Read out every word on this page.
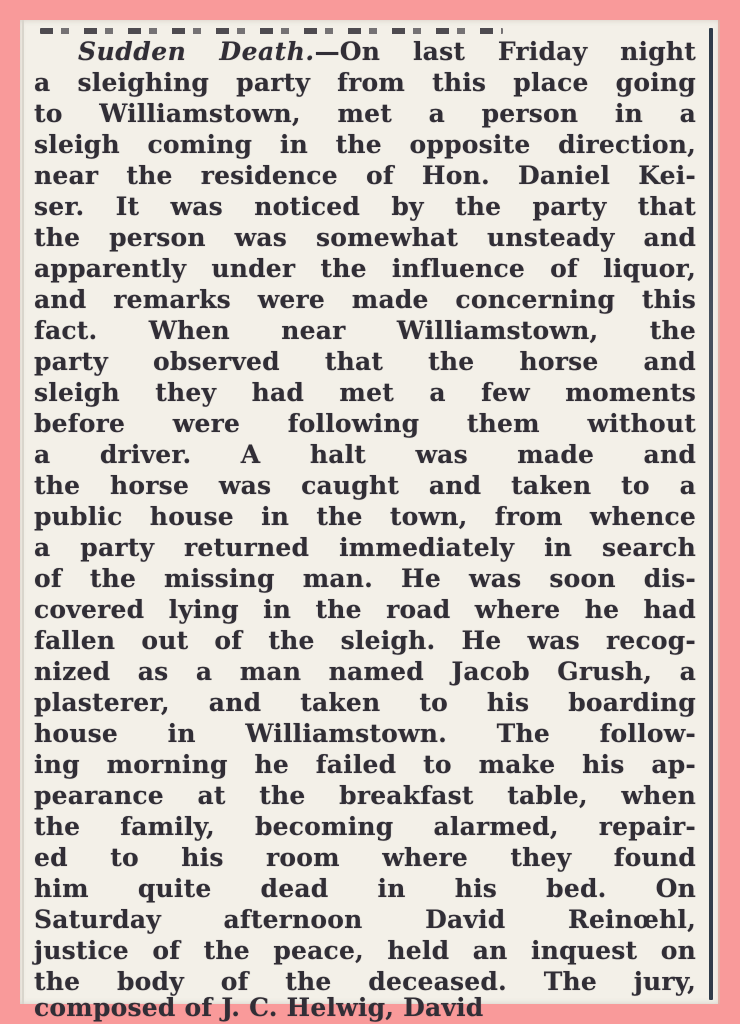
Sudden Death.—On last Friday night
a sleighing party from this place going
to Williamstown, met a person in a
sleigh coming in the opposite direction,
near the residence of Hon. Daniel Kei-
ser. It was noticed by the party that
the person was somewhat unsteady and
apparently under the influence of liquor,
and remarks were made concerning this
fact. When near Williamstown, the
party observed that the horse and
sleigh they had met a few moments
before were following them without
a driver. A halt was made and
the horse was caught and taken to a
public house in the town, from whence
a party returned immediately in search
of the missing man. He was soon dis-
covered lying in the road where he had
fallen out of the sleigh. He was recog-
nized as a man named Jacob Grush, a
plasterer, and taken to his boarding
house in Williamstown. The follow-
ing morning he failed to make his ap-
pearance at the breakfast table, when
the family, becoming alarmed, repair-
ed to his room where they found
him quite dead in his bed. On
Saturday afternoon David Reinœhl,
justice of the peace, held an inquest on
the body of the deceased. The jury,
composed of J. C. Helwig, David
